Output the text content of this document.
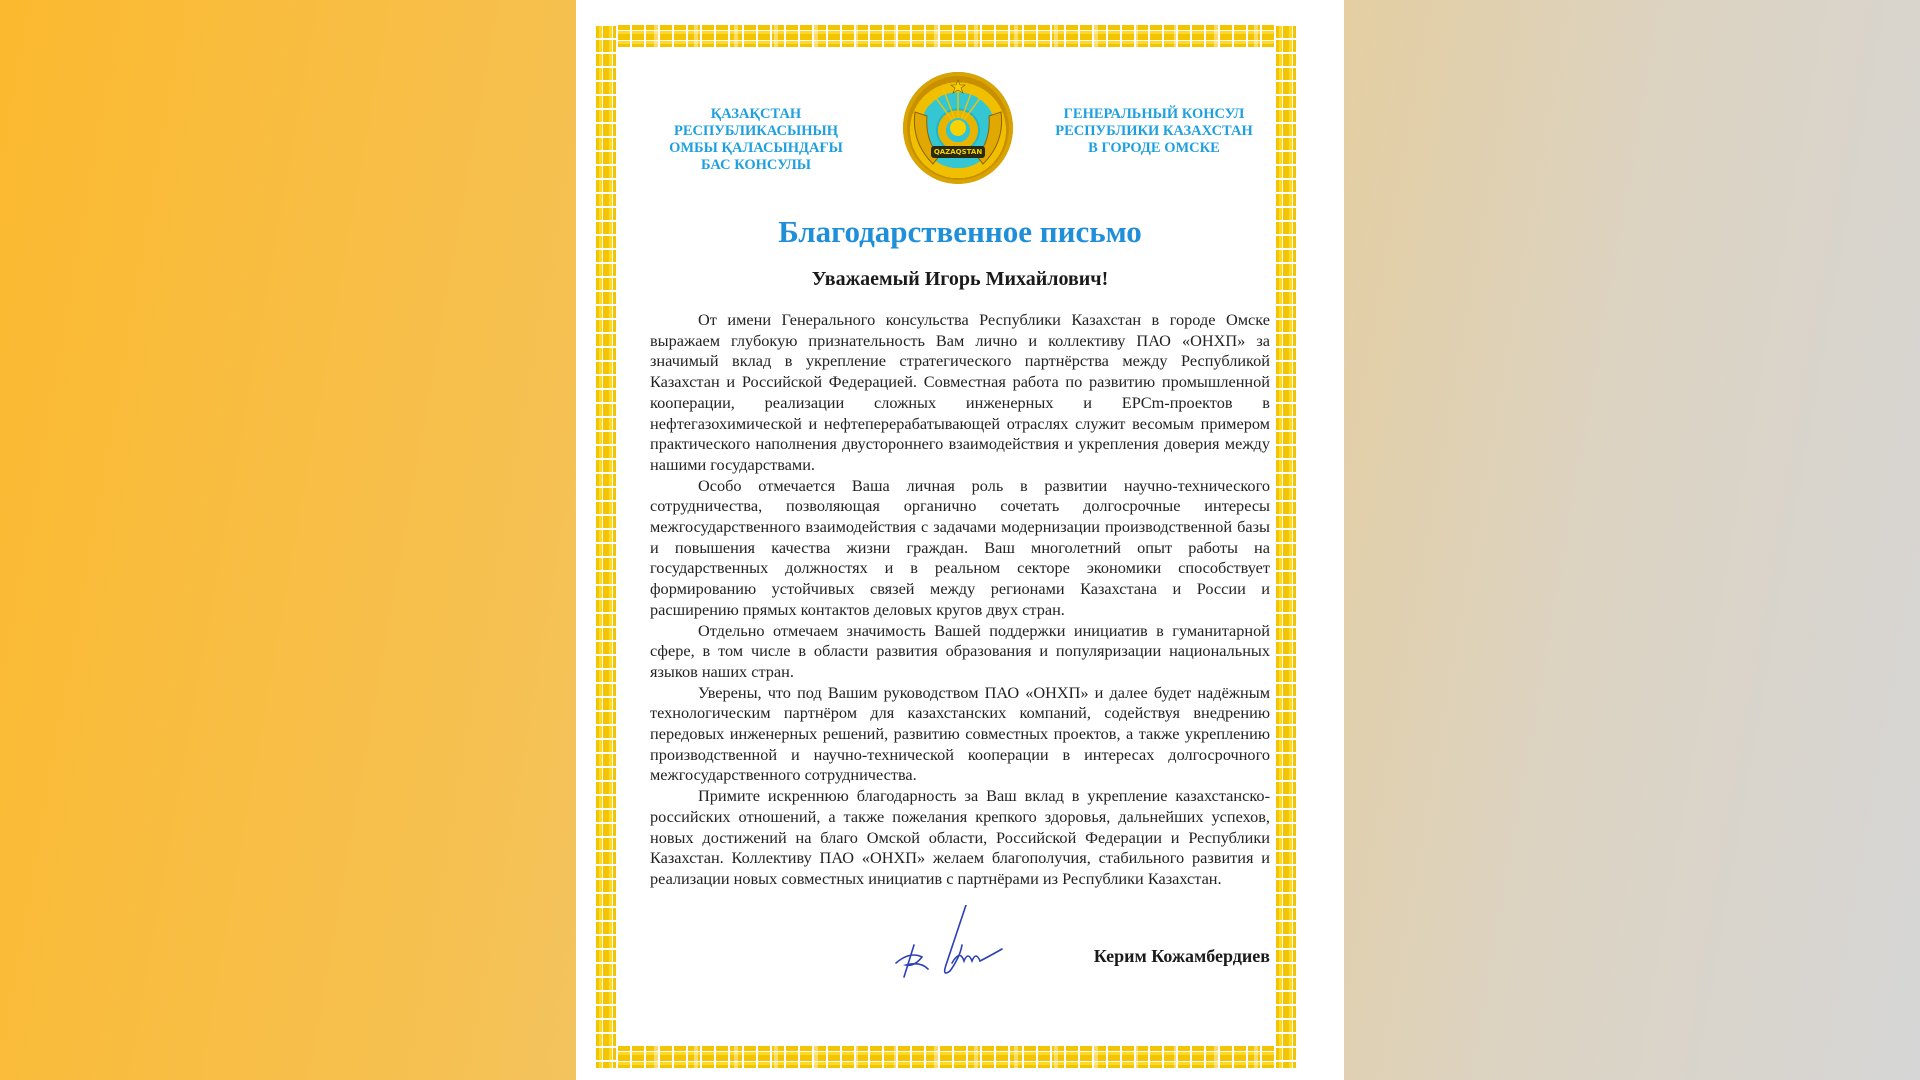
ҚАЗАҚСТАН РЕСПУБЛИКАСЫНЫҢ
ОМБЫ ҚАЛАСЫНДАҒЫ
БАС КОНСУЛЫ
QAZAQSTAN
ГЕНЕРАЛЬНЫЙ КОНСУЛ
РЕСПУБЛИКИ КАЗАХСТАН
В ГОРОДЕ ОМСКЕ
Благодарственное письмо
Уважаемый Игорь Михайлович!

От имени Генерального консульства Республики Казахстан в городе Омске выражаем глубокую признательность Вам лично и коллективу ПАО «ОНХП» за значимый вклад в укрепление стратегического партнёрства между Республикой Казахстан и Российской Федерацией. Совместная работа по развитию промышленной кооперации, реализации сложных инженерных и EPCm-проектов в нефтегазохимической и нефтеперерабатывающей отраслях служит весомым примером практического наполнения двустороннего взаимодействия и укрепления доверия между нашими государствами.

Особо отмечается Ваша личная роль в развитии научно-технического сотрудничества, позволяющая органично сочетать долгосрочные интересы межгосударственного взаимодействия с задачами модернизации производственной базы и повышения качества жизни граждан. Ваш многолетний опыт работы на государственных должностях и в реальном секторе экономики способствует формированию устойчивых связей между регионами Казахстана и России и расширению прямых контактов деловых кругов двух стран.

Отдельно отмечаем значимость Вашей поддержки инициатив в гуманитарной сфере, в том числе в области развития образования и популяризации национальных языков наших стран.

Уверены, что под Вашим руководством ПАО «ОНХП» и далее будет надёжным технологическим партнёром для казахстанских компаний, содействуя внедрению передовых инженерных решений, развитию совместных проектов, а также укреплению производственной и научно-технической кооперации в интересах долгосрочного межгосударственного сотрудничества.

Примите искреннюю благодарность за Ваш вклад в укрепление казахстанско-российских отношений, а также пожелания крепкого здоровья, дальнейших успехов, новых достижений на благо Омской области, Российской Федерации и Республики Казахстан. Коллективу ПАО «ОНХП» желаем благополучия, стабильного развития и реализации новых совместных инициатив с партнёрами из Республики Казахстан.

Керим Кожамбердиев
